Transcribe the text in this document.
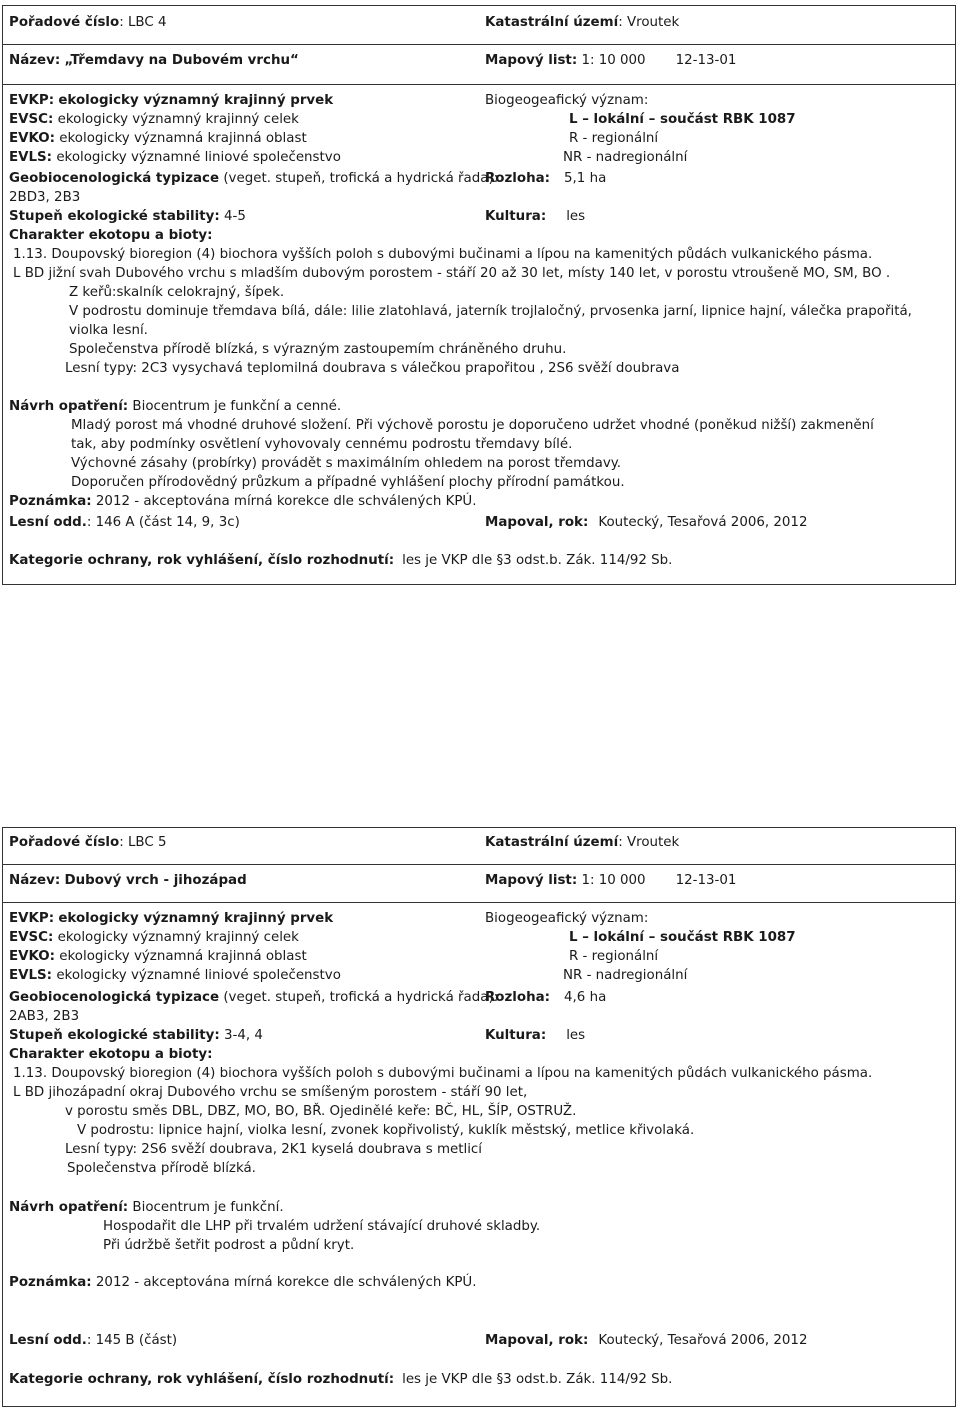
Pořadové číslo: LBC 4	Katastrální území: Vroutek
Název: „Třemdavy na Dubovém vrchu“	Mapový list: 1: 10 000 12-13-01
EVKP: ekologicky významný krajinný prvek
EVSC: ekologicky významný krajinný celek
EVKO: ekologicky významná krajinná oblast
EVLS: ekologicky významné liniové společenstvo
Biogeogeafický význam:
L – lokální – součást RBK 1087
R - regionální
NR - nadregionální
Geobiocenologická typizace (veget. stupeň, trofická a hydrická řada):
2BD3, 2B3
Rozloha: 5,1 ha
Stupeň ekologické stability: 4-5	Kultura: les
Charakter ekotopu a bioty:
1.13. Doupovský bioregion (4) biochora vyšších poloh s dubovými bučinami a lípou na kamenitých půdách vulkanického pásma.
L BD jižní svah Dubového vrchu s mladším dubovým porostem - stáří 20 až 30 let, místy 140 let, v porostu vtroušeně MO, SM, BO .
Z keřů:skalník celokrajný, šípek.
V podrostu dominuje třemdava bílá, dále: lilie zlatohlavá, jaterník trojlaločný, prvosenka jarní, lipnice hajní, válečka prapořitá,
violka lesní.
Společenstva přírodě blízká, s výrazným zastoupemím chráněného druhu.
Lesní typy: 2C3 vysychavá teplomilná doubrava s válečkou prapořitou , 2S6 svěží doubrava
Návrh opatření: Biocentrum je funkční a cenné.
Mladý porost má vhodné druhové složení. Při výchově porostu je doporučeno udržet vhodné (poněkud nižší) zakmenění
tak, aby podmínky osvětlení vyhovovaly cennému podrostu třemdavy bílé.
Výchovné zásahy (probírky) provádět s maximálním ohledem na porost třemdavy.
Doporučen přírodovědný průzkum a případné vyhlášení plochy přírodní památkou.
Poznámka: 2012 - akceptována mírná korekce dle schválených KPÚ.
Lesní odd.: 146 A (část 14, 9, 3c)	Mapoval, rok: Koutecký, Tesařová 2006, 2012
Kategorie ochrany, rok vyhlášení, číslo rozhodnutí: les je VKP dle §3 odst.b. Zák. 114/92 Sb.
Pořadové číslo: LBC 5	Katastrální území: Vroutek
Název: Dubový vrch - jihozápad	Mapový list: 1: 10 000 12-13-01
EVKP: ekologicky významný krajinný prvek
EVSC: ekologicky významný krajinný celek
EVKO: ekologicky významná krajinná oblast
EVLS: ekologicky významné liniové společenstvo
Biogeogeafický význam:
L – lokální – součást RBK 1087
R - regionální
NR - nadregionální
Geobiocenologická typizace (veget. stupeň, trofická a hydrická řada):
2AB3, 2B3
Rozloha: 4,6 ha
Stupeň ekologické stability: 3-4, 4	Kultura: les
Charakter ekotopu a bioty:
1.13. Doupovský bioregion (4) biochora vyšších poloh s dubovými bučinami a lípou na kamenitých půdách vulkanického pásma.
L BD jihozápadní okraj Dubového vrchu se smíšeným porostem - stáří 90 let,
v porostu směs DBL, DBZ, MO, BO, BŘ. Ojedinělé keře: BČ, HL, ŠÍP, OSTRUŽ.
V podrostu: lipnice hajní, violka lesní, zvonek kopřivolistý, kuklík městský, metlice křivolaká.
Lesní typy: 2S6 svěží doubrava, 2K1 kyselá doubrava s metlicí
Společenstva přírodě blízká.
Návrh opatření: Biocentrum je funkční.
Hospodařit dle LHP při trvalém udržení stávající druhové skladby.
Při údržbě šetřit podrost a půdní kryt.
Poznámka: 2012 - akceptována mírná korekce dle schválených KPÚ.
Lesní odd.: 145 B (část)	Mapoval, rok: Koutecký, Tesařová 2006, 2012
Kategorie ochrany, rok vyhlášení, číslo rozhodnutí: les je VKP dle §3 odst.b. Zák. 114/92 Sb.
